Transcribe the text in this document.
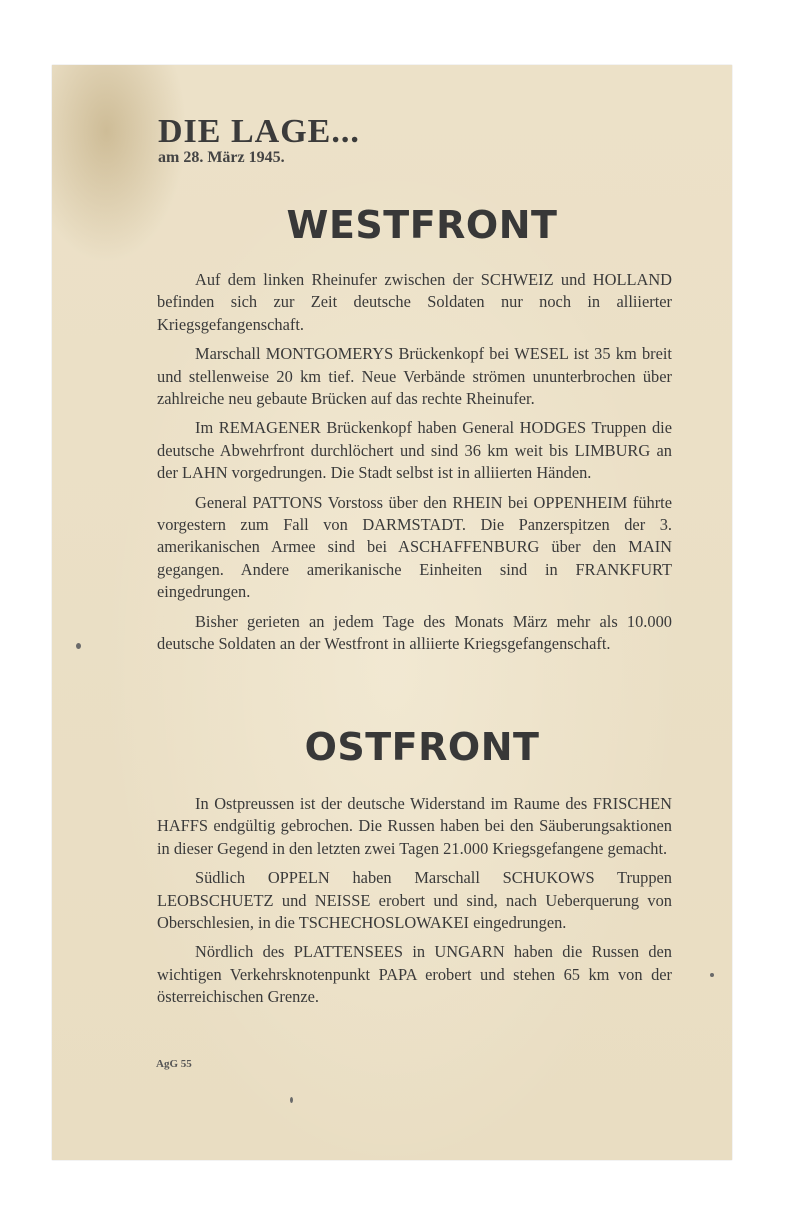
DIE LAGE...
am 28. März 1945.
WESTFRONT

Auf dem linken Rheinufer zwischen der SCHWEIZ und HOLLAND befinden sich zur Zeit deutsche Soldaten nur noch in alliierter Kriegsgefangenschaft.

Marschall MONTGOMERYS Brückenkopf bei WESEL ist 35 km breit und stellenweise 20 km tief. Neue Verbände strömen ununterbrochen über zahlreiche neu gebaute Brücken auf das rechte Rheinufer.

Im REMAGENER Brückenkopf haben General HODGES Truppen die deutsche Abwehrfront durchlöchert und sind 36 km weit bis LIMBURG an der LAHN vorgedrungen. Die Stadt selbst ist in alliierten Händen.

General PATTONS Vorstoss über den RHEIN bei OPPENHEIM führte vorgestern zum Fall von DARMSTADT. Die Panzerspitzen der 3. amerikanischen Armee sind bei ASCHAFFENBURG über den MAIN gegangen. Andere amerikanische Einheiten sind in FRANKFURT eingedrungen.

Bisher gerieten an jedem Tage des Monats März mehr als 10.000 deutsche Soldaten an der Westfront in alliierte Kriegsgefangenschaft.

OSTFRONT

In Ostpreussen ist der deutsche Widerstand im Raume des FRISCHEN HAFFS endgültig gebrochen. Die Russen haben bei den Säuberungsaktionen in dieser Gegend in den letzten zwei Tagen 21.000 Kriegsgefangene gemacht.

Südlich OPPELN haben Marschall SCHUKOWS Truppen LEOBSCHUETZ und NEISSE erobert und sind, nach Ueberquerung von Oberschlesien, in die TSCHECHOSLOWAKEI eingedrungen.

Nördlich des PLATTENSEES in UNGARN haben die Russen den wichtigen Verkehrsknotenpunkt PAPA erobert und stehen 65 km von der österreichischen Grenze.

AgG 55
